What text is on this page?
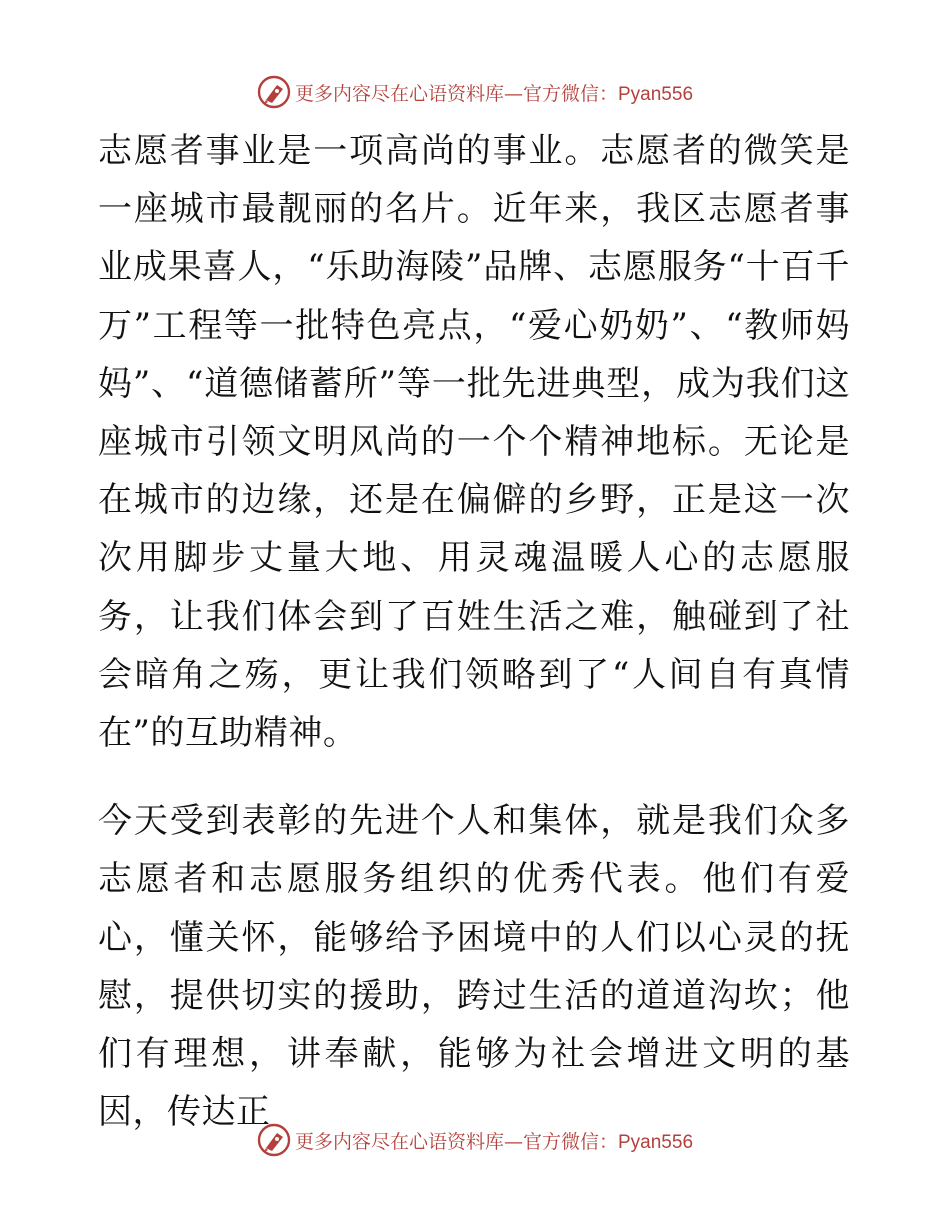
更多内容尽在心语资料库—官方微信：Pyan556

志愿者事业是一项高尚的事业。志愿者的微笑是一座城市最靓丽的名片。近年来，我区志愿者事业成果喜人，“乐助海陵”品牌、志愿服务“十百千万”工程等一批特色亮点，“爱心奶奶”、“教师妈妈”、“道德储蓄所”等一批先进典型，成为我们这座城市引领文明风尚的一个个精神地标。无论是在城市的边缘，还是在偏僻的乡野，正是这一次次用脚步丈量大地、用灵魂温暖人心的志愿服务，让我们体会到了百姓生活之难，触碰到了社会暗角之殇，更让我们领略到了“人间自有真情在”的互助精神。

今天受到表彰的先进个人和集体，就是我们众多志愿者和志愿服务组织的优秀代表。他们有爱心，懂关怀，能够给予困境中的人们以心灵的抚慰，提供切实的援助，跨过生活的道道沟坎；他们有理想，讲奉献，能够为社会增进文明的基因，传达正

更多内容尽在心语资料库—官方微信：Pyan556
